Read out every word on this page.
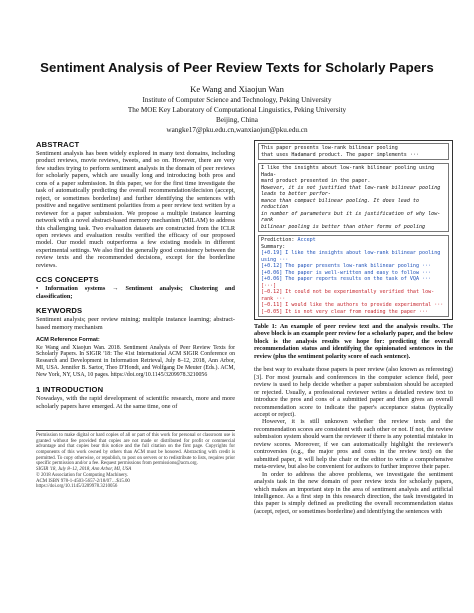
Sentiment Analysis of Peer Review Texts for Scholarly Papers
Ke Wang and Xiaojun Wan
Institute of Computer Science and Technology, Peking University
The MOE Key Laboratory of Computational Linguistics, Peking University
Beijing, China
wangke17@pku.edu.cn,wanxiaojun@pku.edu.cn
ABSTRACT

Sentiment analysis has been widely explored in many text domains, including product reviews, movie reviews, tweets, and so on. However, there are very few studies trying to perform sentiment analysis in the domain of peer reviews for scholarly papers, which are usually long and introducing both pros and cons of a paper submission. In this paper, we for the first time investigate the task of automatically predicting the overall recommendation/decision (accept, reject, or sometimes borderline) and further identifying the sentences with positive and negative sentiment polarities from a peer review text written by a reviewer for a paper submission. We propose a multiple instance learning network with a novel abstract-based memory mechanism (MILAM) to address this challenging task. Two evaluation datasets are constructed from the ICLR open reviews and evaluation results verified the efficacy of our proposed model. Our model much outperforms a few existing models in different experimental settings. We also find the generally good consistency between the review texts and the recommended decisions, except for the borderline reviews.

CCS CONCEPTS

• Information systems → Sentiment analysis; Clustering and classification;

KEYWORDS

Sentiment analysis; peer review mining; multiple instance learning; abstract-based memory mechanism

ACM Reference Format:

Ke Wang and Xiaojun Wan. 2018. Sentiment Analysis of Peer Review Texts for Scholarly Papers. In SIGIR '18: The 41st International ACM SIGIR Conference on Research and Development in Information Retrieval, July 8–12, 2018, Ann Arbor, MI, USA. Jennifer B. Sartor, Theo D'Hondt, and Wolfgang De Meuter (Eds.). ACM, New York, NY, USA, 10 pages. https://doi.org/10.1145/3209978.3210056

1 INTRODUCTION

Nowadays, with the rapid development of scientific research, more and more scholarly papers have emerged. At the same time, one of

Permission to make digital or hard copies of all or part of this work for personal or classroom use is granted without fee provided that copies are not made or distributed for profit or commercial advantage and that copies bear this notice and the full citation on the first page. Copyrights for components of this work owned by others than ACM must be honored. Abstracting with credit is permitted. To copy otherwise, or republish, to post on servers or to redistribute to lists, requires prior specific permission and/or a fee. Request permissions from permissions@acm.org.

SIGIR '18, July 8–12, 2018, Ann Arbor, MI, USA
© 2018 Association for Computing Machinery.
ACM ISBN 978-1-4503-5657-2/18/07…$15.00
https://doi.org/10.1145/3209978.3210056
This paper presents low-rank bilinear pooling
that uses Hadamard product. The paper implements ···
I like the insights about low-rank bilinear pooling using Hada-
mard product presented in the paper.
However, it is not justified that low-rank bilinear pooling leads to better perfor-
mance than compact bilinear pooling. It does lead to reduction
in number of parameters but it is justification of why low-rank
bilinear pooling is better than other forms of pooling
Prediction: Accept
Summary:
[+0.19] I like the insights about low-rank bilinear pooling using ···
[+0.12] The paper presents low-rank bilinear pooling ···
[+0.06] The paper is well-written and easy to follow ···
[+0.06] The paper reports results on the task of VQA ···
[···]
[−0.12] It could not be experimentally verified that low-rank ···
[−0.11] I would like the authors to provide experimental ···
[−0.05] It is not very clear from reading the paper ···

Table 1: An example of peer review text and the analysis results. The above block is an example peer review for a scholarly paper, and the below block is the analysis results we hope for: predicting the overall recommendation status and identifying the opinionated sentences in the review (plus the sentiment polarity score of each sentence).

the best way to evaluate those papers is peer review (also known as refereeing) [3]. For most journals and conferences in the computer science field, peer review is used to help decide whether a paper submission should be accepted or rejected. Usually, a professional reviewer writes a detailed review text to introduce the pros and cons of a submitted paper and then gives an overall recommendation score to indicate the paper's acceptance status (typically accept or reject).

However, it is still unknown whether the review texts and the recommendation scores are consistent with each other or not. If not, the review submission system should warn the reviewer if there is any potential mistake in review scores. Moreover, if we can automatically highlight the reviewer's controversies (e.g., the major pros and cons in the review text) on the submitted paper, it will help the chair or the editor to write a comprehensive meta-review, but also be convenient for authors to further improve their paper.

In order to address the above problems, we investigate the sentiment analysis task in the new domain of peer review texts for scholarly papers, which makes an important step in the area of sentiment analysis and artificial intelligence. As a first step in this research direction, the task investigated in this paper is simply defined as predicting the overall recommendation status (accept, reject, or sometimes borderline) and identifying the sentences with
